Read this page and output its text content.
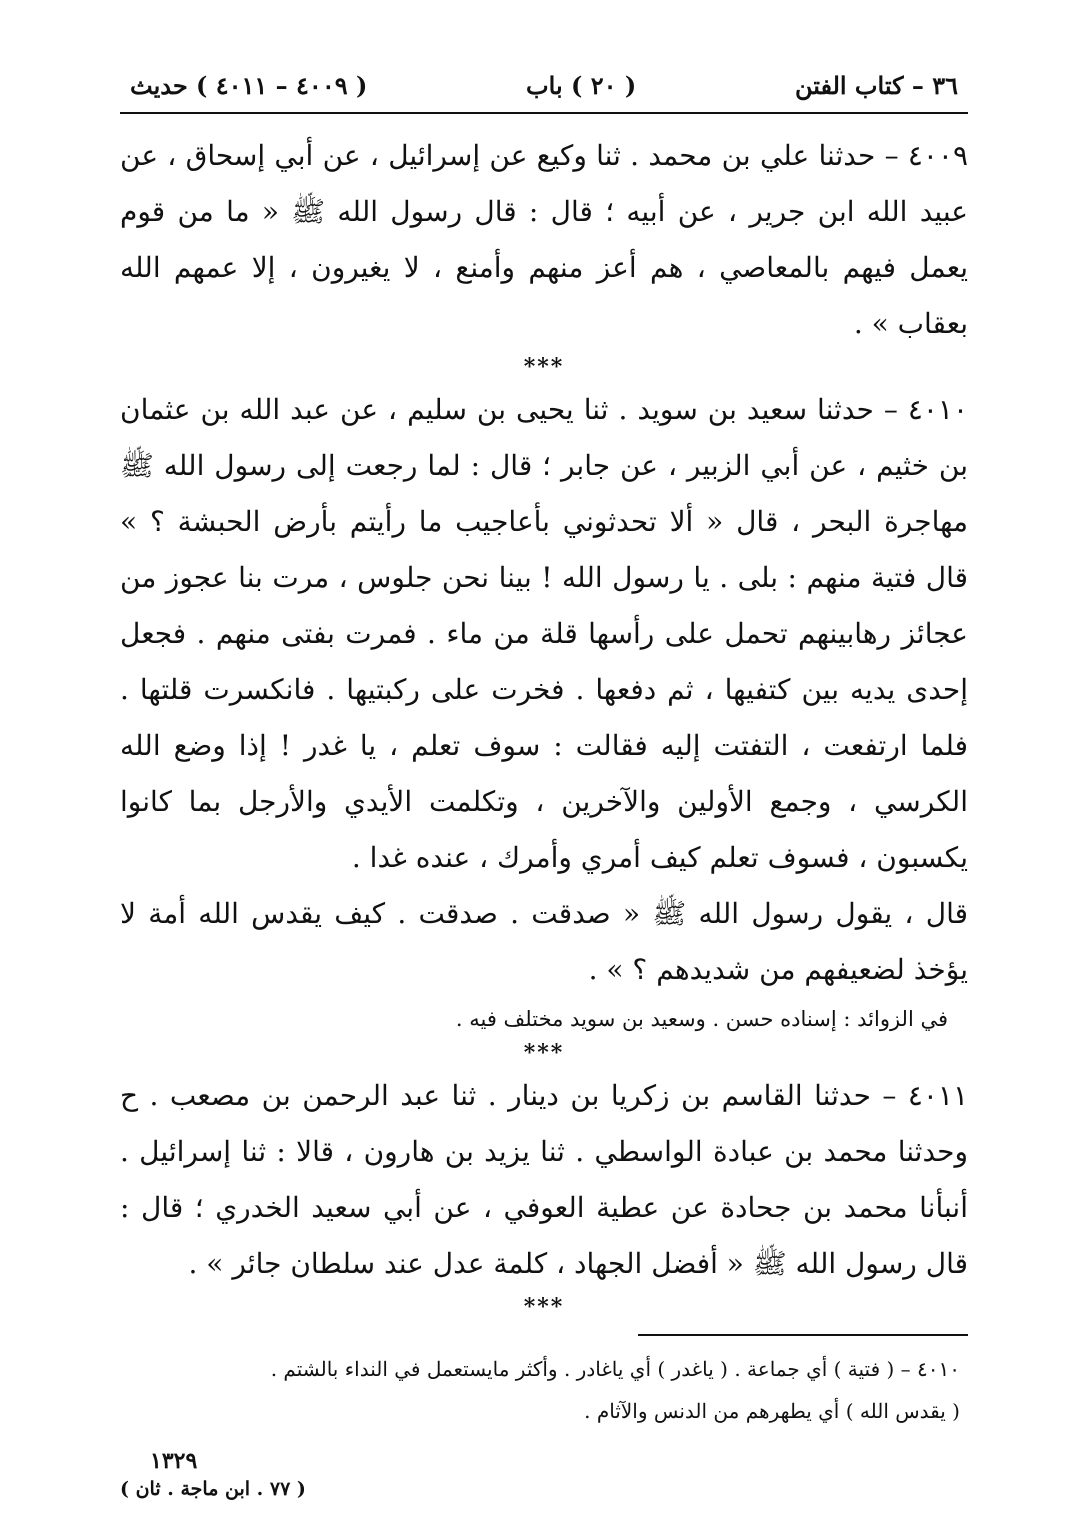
٣٦ – كتاب الفتن
( ٢٠ ) باب
( ٤٠٠٩ – ٤٠١١ ) حديث

٤٠٠٩ – حدثنا علي بن محمد . ثنا وكيع عن إسرائيل ، عن أبي إسحاق ، عن عبيد الله ابن جرير ، عن أبيه ؛ قال : قال رسول الله ﷺ « ما من قوم يعمل فيهم بالمعاصي ، هم أعز منهم وأمنع ، لا يغيرون ، إلا عمهم الله بعقاب » .

***

٤٠١٠ – حدثنا سعيد بن سويد . ثنا يحيى بن سليم ، عن عبد الله بن عثمان بن خثيم ، عن أبي الزبير ، عن جابر ؛ قال : لما رجعت إلى رسول الله ﷺ مهاجرة البحر ، قال « ألا تحدثوني بأعاجيب ما رأيتم بأرض الحبشة ؟ » قال فتية منهم : بلى . يا رسول الله ! بينا نحن جلوس ، مرت بنا عجوز من عجائز رهابينهم تحمل على رأسها قلة من ماء . فمرت بفتى منهم . فجعل إحدى يديه بين كتفيها ، ثم دفعها . فخرت على ركبتيها . فانكسرت قلتها . فلما ارتفعت ، التفتت إليه فقالت : سوف تعلم ، يا غدر ! إذا وضع الله الكرسي ، وجمع الأولين والآخرين ، وتكلمت الأيدي والأرجل بما كانوا يكسبون ، فسوف تعلم كيف أمري وأمرك ، عنده غدا .

قال ، يقول رسول الله ﷺ « صدقت . صدقت . كيف يقدس الله أمة لا يؤخذ لضعيفهم من شديدهم ؟ » .

في الزوائد : إسناده حسن . وسعيد بن سويد مختلف فيه .

***

٤٠١١ – حدثنا القاسم بن زكريا بن دينار . ثنا عبد الرحمن بن مصعب . ح وحدثنا محمد بن عبادة الواسطي . ثنا يزيد بن هارون ، قالا : ثنا إسرائيل . أنبأنا محمد بن جحادة عن عطية العوفي ، عن أبي سعيد الخدري ؛ قال : قال رسول الله ﷺ « أفضل الجهاد ، كلمة عدل عند سلطان جائر » .

***

٤٠١٠ – ( فتية ) أي جماعة . ( ياغدر ) أي ياغادر . وأكثر مايستعمل في النداء بالشتم .

( يقدس الله ) أي يطهرهم من الدنس والآثام .

١٣٢٩
( ٧٧ . ابن ماجة . ثان )
